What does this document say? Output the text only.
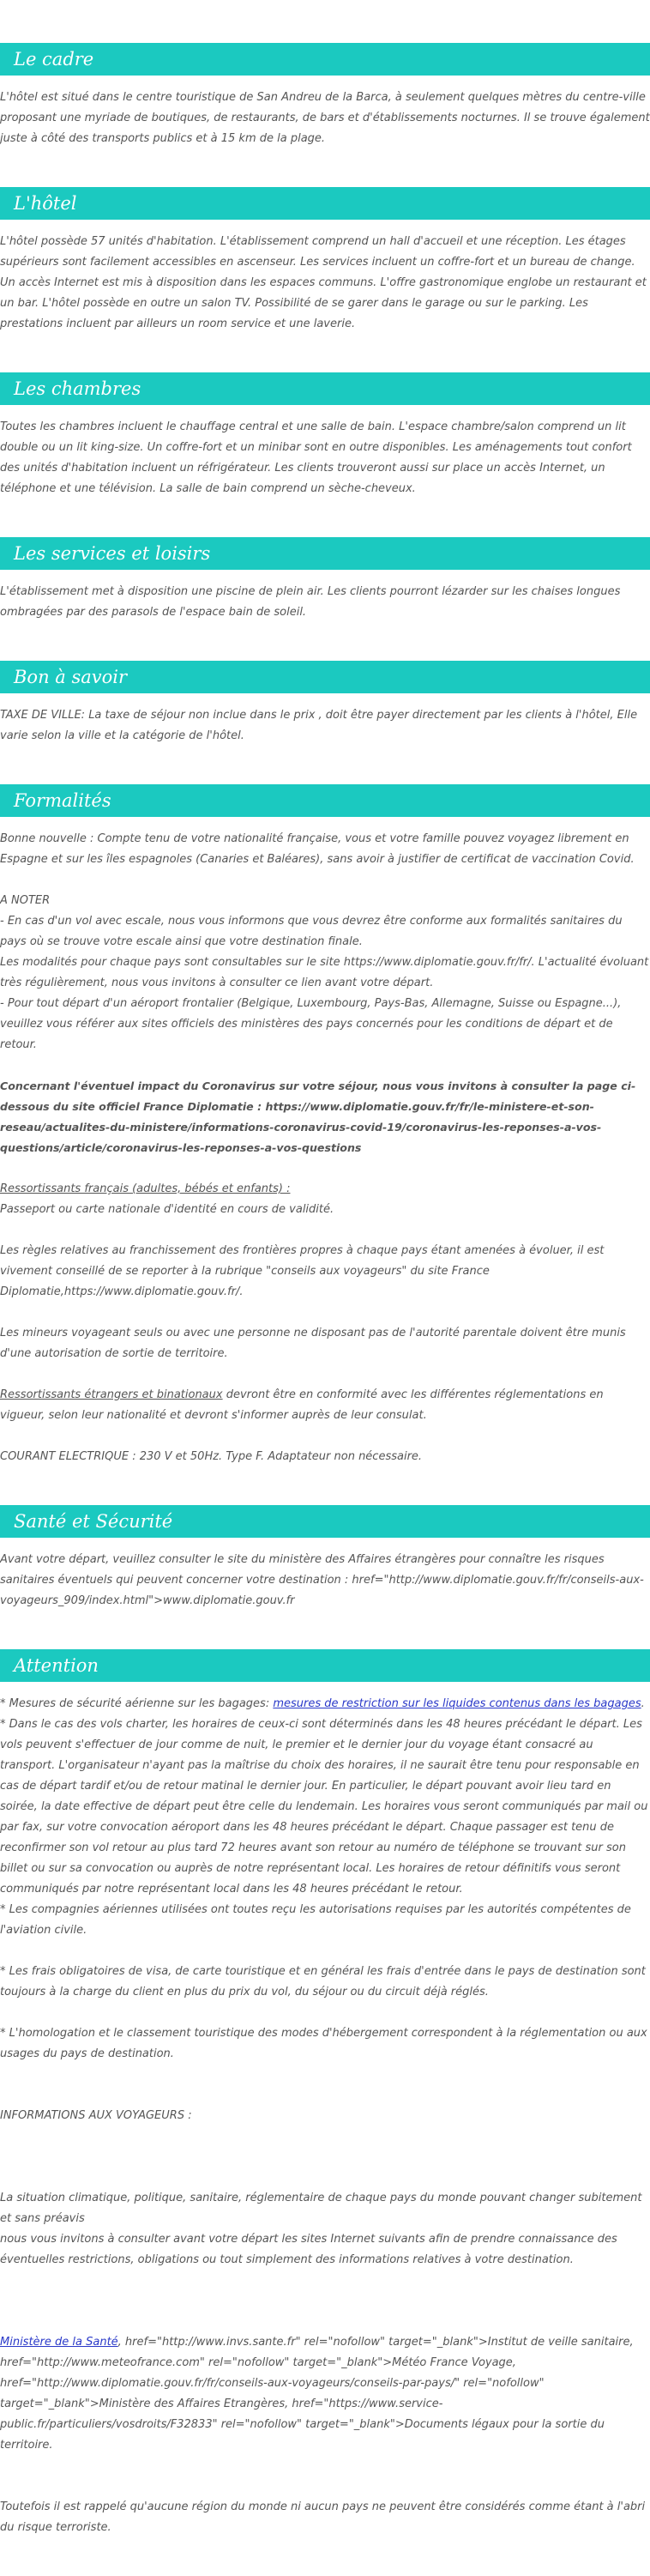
Le cadre

L'hôtel est situé dans le centre touristique de San Andreu de la Barca, à seulement quelques mètres du centre-ville proposant une myriade de boutiques, de restaurants, de bars et d'établissements nocturnes. Il se trouve également juste à côté des transports publics et à 15 km de la plage.

L'hôtel

L'hôtel possède 57 unités d'habitation. L'établissement comprend un hall d'accueil et une réception. Les étages supérieurs sont facilement accessibles en ascenseur. Les services incluent un coffre-fort et un bureau de change. Un accès Internet est mis à disposition dans les espaces communs. L'offre gastronomique englobe un restaurant et un bar. L'hôtel possède en outre un salon TV. Possibilité de se garer dans le garage ou sur le parking. Les prestations incluent par ailleurs un room service et une laverie.

Les chambres

Toutes les chambres incluent le chauffage central et une salle de bain. L'espace chambre/salon comprend un lit double ou un lit king-size. Un coffre-fort et un minibar sont en outre disponibles. Les aménagements tout confort des unités d'habitation incluent un réfrigérateur. Les clients trouveront aussi sur place un accès Internet, un téléphone et une télévision. La salle de bain comprend un sèche-cheveux.

Les services et loisirs

L'établissement met à disposition une piscine de plein air. Les clients pourront lézarder sur les chaises longues ombragées par des parasols de l'espace bain de soleil.

Bon à savoir

TAXE DE VILLE: La taxe de séjour non inclue dans le prix , doit être payer directement par les clients à l'hôtel, Elle varie selon la ville et la catégorie de l'hôtel.

Formalités

Bonne nouvelle : Compte tenu de votre nationalité française, vous et votre famille pouvez voyagez librement en Espagne et sur les îles espagnoles (Canaries et Baléares), sans avoir à justifier de certificat de vaccination Covid.

A NOTER

- En cas d'un vol avec escale, nous vous informons que vous devrez être conforme aux formalités sanitaires du pays où se trouve votre escale ainsi que votre destination finale.

Les modalités pour chaque pays sont consultables sur le site https://www.diplomatie.gouv.fr/fr/. L'actualité évoluant très régulièrement, nous vous invitons à consulter ce lien avant votre départ.

- Pour tout départ d'un aéroport frontalier (Belgique, Luxembourg, Pays-Bas, Allemagne, Suisse ou Espagne...), veuillez vous référer aux sites officiels des ministères des pays concernés pour les conditions de départ et de retour.

Concernant l'éventuel impact du Coronavirus sur votre séjour, nous vous invitons à consulter la page ci-dessous du site officiel France Diplomatie : https://www.diplomatie.gouv.fr/fr/le-ministere-et-son-reseau/actualites-du-ministere/informations-coronavirus-covid-19/coronavirus-les-reponses-a-vos-questions/article/coronavirus-les-reponses-a-vos-questions

Ressortissants français (adultes, bébés et enfants) :

Passeport ou carte nationale d'identité en cours de validité.

Les règles relatives au franchissement des frontières propres à chaque pays étant amenées à évoluer, il est vivement conseillé de se reporter à la rubrique "conseils aux voyageurs" du site France Diplomatie,https://www.diplomatie.gouv.fr/.

Les mineurs voyageant seuls ou avec une personne ne disposant pas de l'autorité parentale doivent être munis d'une autorisation de sortie de territoire.

Ressortissants étrangers et binationaux devront être en conformité avec les différentes réglementations en vigueur, selon leur nationalité et devront s'informer auprès de leur consulat.

COURANT ELECTRIQUE : 230 V et 50Hz. Type F. Adaptateur non nécessaire.

Santé et Sécurité

Avant votre départ, veuillez consulter le site du ministère des Affaires étrangères pour connaître les risques sanitaires éventuels qui peuvent concerner votre destination : href="http://www.diplomatie.gouv.fr/fr/conseils-aux-voyageurs_909/index.html">www.diplomatie.gouv.fr

Attention

* Mesures de sécurité aérienne sur les bagages: mesures de restriction sur les liquides contenus dans les bagages.

* Dans le cas des vols charter, les horaires de ceux-ci sont déterminés dans les 48 heures précédant le départ. Les vols peuvent s'effectuer de jour comme de nuit, le premier et le dernier jour du voyage étant consacré au transport. L'organisateur n'ayant pas la maîtrise du choix des horaires, il ne saurait être tenu pour responsable en cas de départ tardif et/ou de retour matinal le dernier jour. En particulier, le départ pouvant avoir lieu tard en soirée, la date effective de départ peut être celle du lendemain. Les horaires vous seront communiqués par mail ou par fax, sur votre convocation aéroport dans les 48 heures précédant le départ. Chaque passager est tenu de reconfirmer son vol retour au plus tard 72 heures avant son retour au numéro de téléphone se trouvant sur son billet ou sur sa convocation ou auprès de notre représentant local. Les horaires de retour définitifs vous seront communiqués par notre représentant local dans les 48 heures précédant le retour.

* Les compagnies aériennes utilisées ont toutes reçu les autorisations requises par les autorités compétentes de l'aviation civile.

* Les frais obligatoires de visa, de carte touristique et en général les frais d'entrée dans le pays de destination sont toujours à la charge du client en plus du prix du vol, du séjour ou du circuit déjà réglés.

* L'homologation et le classement touristique des modes d'hébergement correspondent à la réglementation ou aux usages du pays de destination.

INFORMATIONS AUX VOYAGEURS :

La situation climatique, politique, sanitaire, réglementaire de chaque pays du monde pouvant changer subitement et sans préavis

nous vous invitons à consulter avant votre départ les sites Internet suivants afin de prendre connaissance des éventuelles restrictions, obligations ou tout simplement des informations relatives à votre destination.

Ministère de la Santé, href="http://www.invs.sante.fr" rel="nofollow" target="_blank">Institut de veille sanitaire, href="http://www.meteofrance.com" rel="nofollow" target="_blank">Météo France Voyage, href="http://www.diplomatie.gouv.fr/fr/conseils-aux-voyageurs/conseils-par-pays/" rel="nofollow" target="_blank">Ministère des Affaires Etrangères, href="https://www.service-public.fr/particuliers/vosdroits/F32833" rel="nofollow" target="_blank">Documents légaux pour la sortie du territoire.

Toutefois il est rappelé qu'aucune région du monde ni aucun pays ne peuvent être considérés comme étant à l'abri du risque terroriste.
